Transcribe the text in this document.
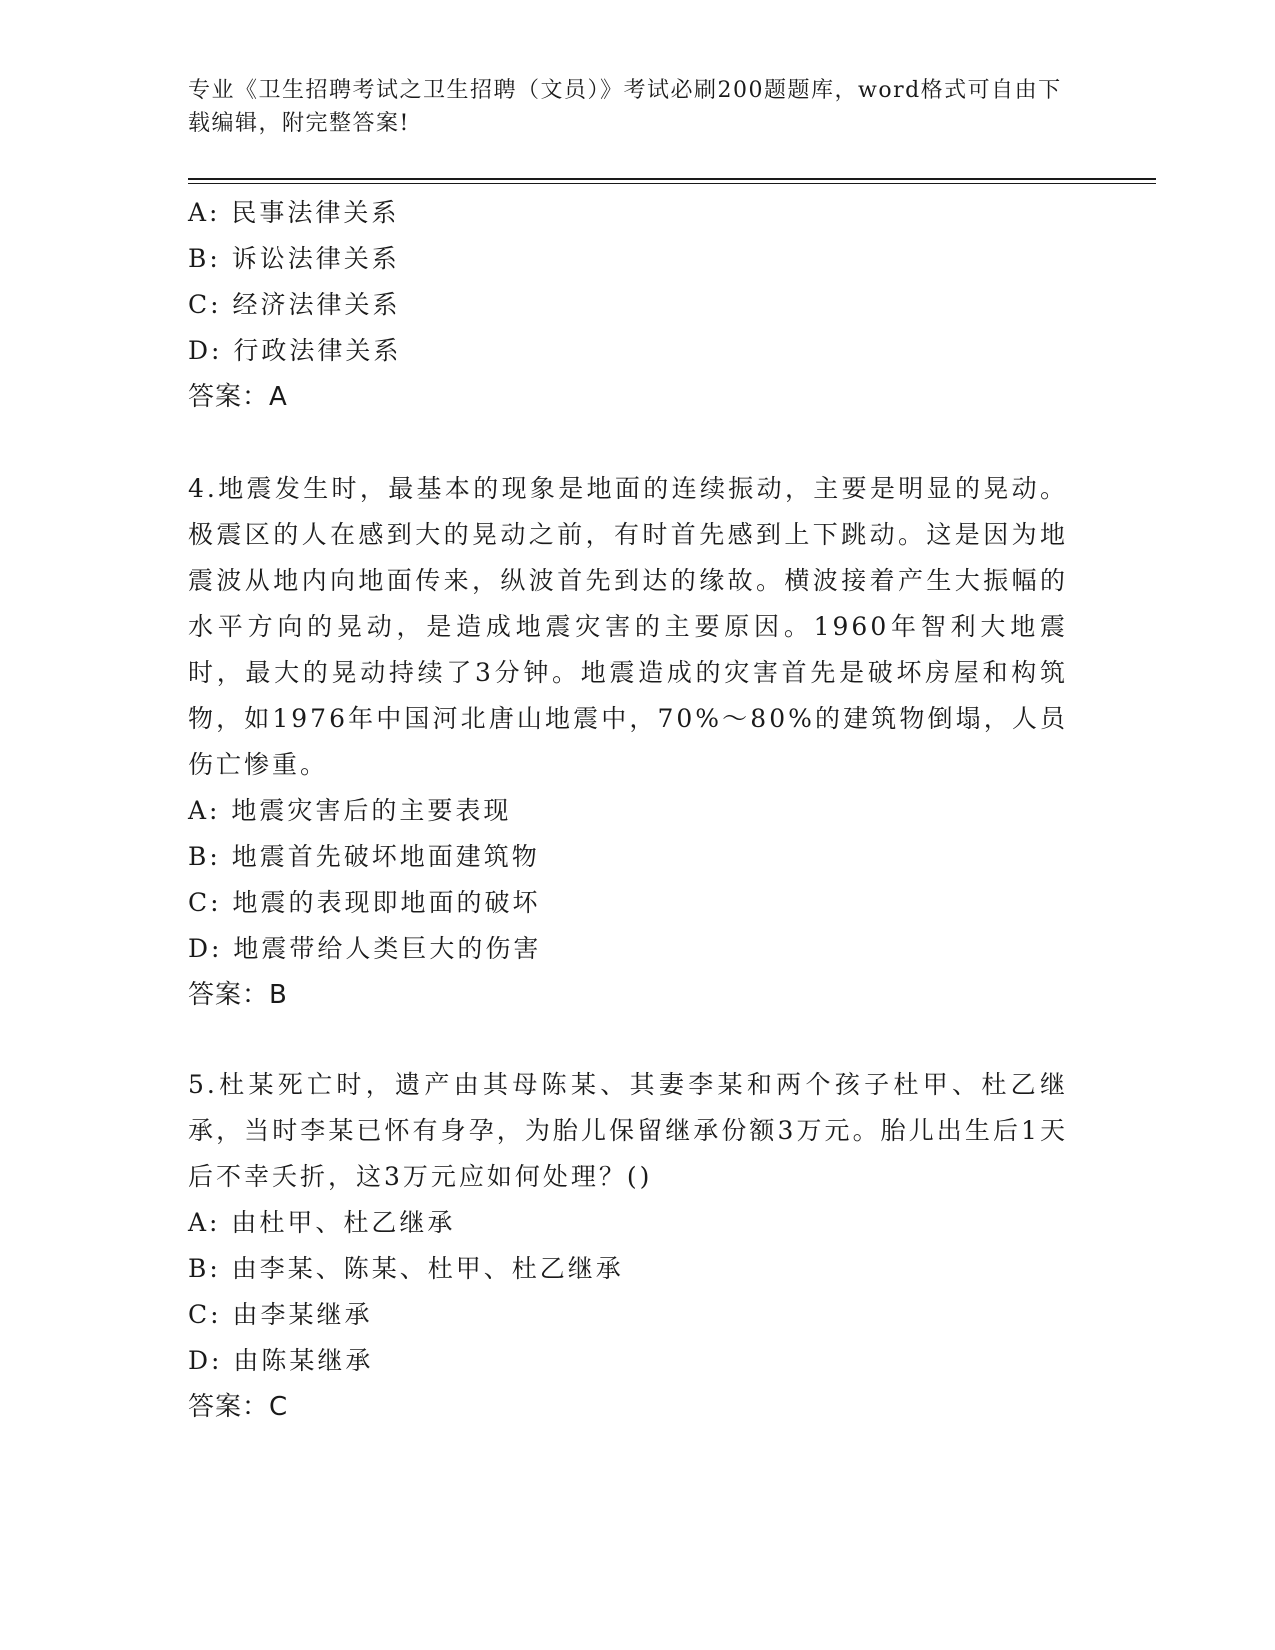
专业《卫生招聘考试之卫生招聘（文员）》考试必刷200题题库，word格式可自由下载编辑，附完整答案!
A: 民事法律关系
B: 诉讼法律关系
C: 经济法律关系
D: 行政法律关系
答案：A
4.地震发生时，最基本的现象是地面的连续振动，主要是明显的晃动。极震区的人在感到大的晃动之前，有时首先感到上下跳动。这是因为地震波从地内向地面传来，纵波首先到达的缘故。横波接着产生大振幅的水平方向的晃动，是造成地震灾害的主要原因。1960年智利大地震时，最大的晃动持续了3分钟。地震造成的灾害首先是破坏房屋和构筑物，如1976年中国河北唐山地震中，70%～80%的建筑物倒塌，人员伤亡惨重。
A: 地震灾害后的主要表现
B: 地震首先破坏地面建筑物
C: 地震的表现即地面的破坏
D: 地震带给人类巨大的伤害
答案：B
5.杜某死亡时，遗产由其母陈某、其妻李某和两个孩子杜甲、杜乙继承，当时李某已怀有身孕，为胎儿保留继承份额3万元。胎儿出生后1天后不幸夭折，这3万元应如何处理？()
A: 由杜甲、杜乙继承
B: 由李某、陈某、杜甲、杜乙继承
C: 由李某继承
D: 由陈某继承
答案：C
